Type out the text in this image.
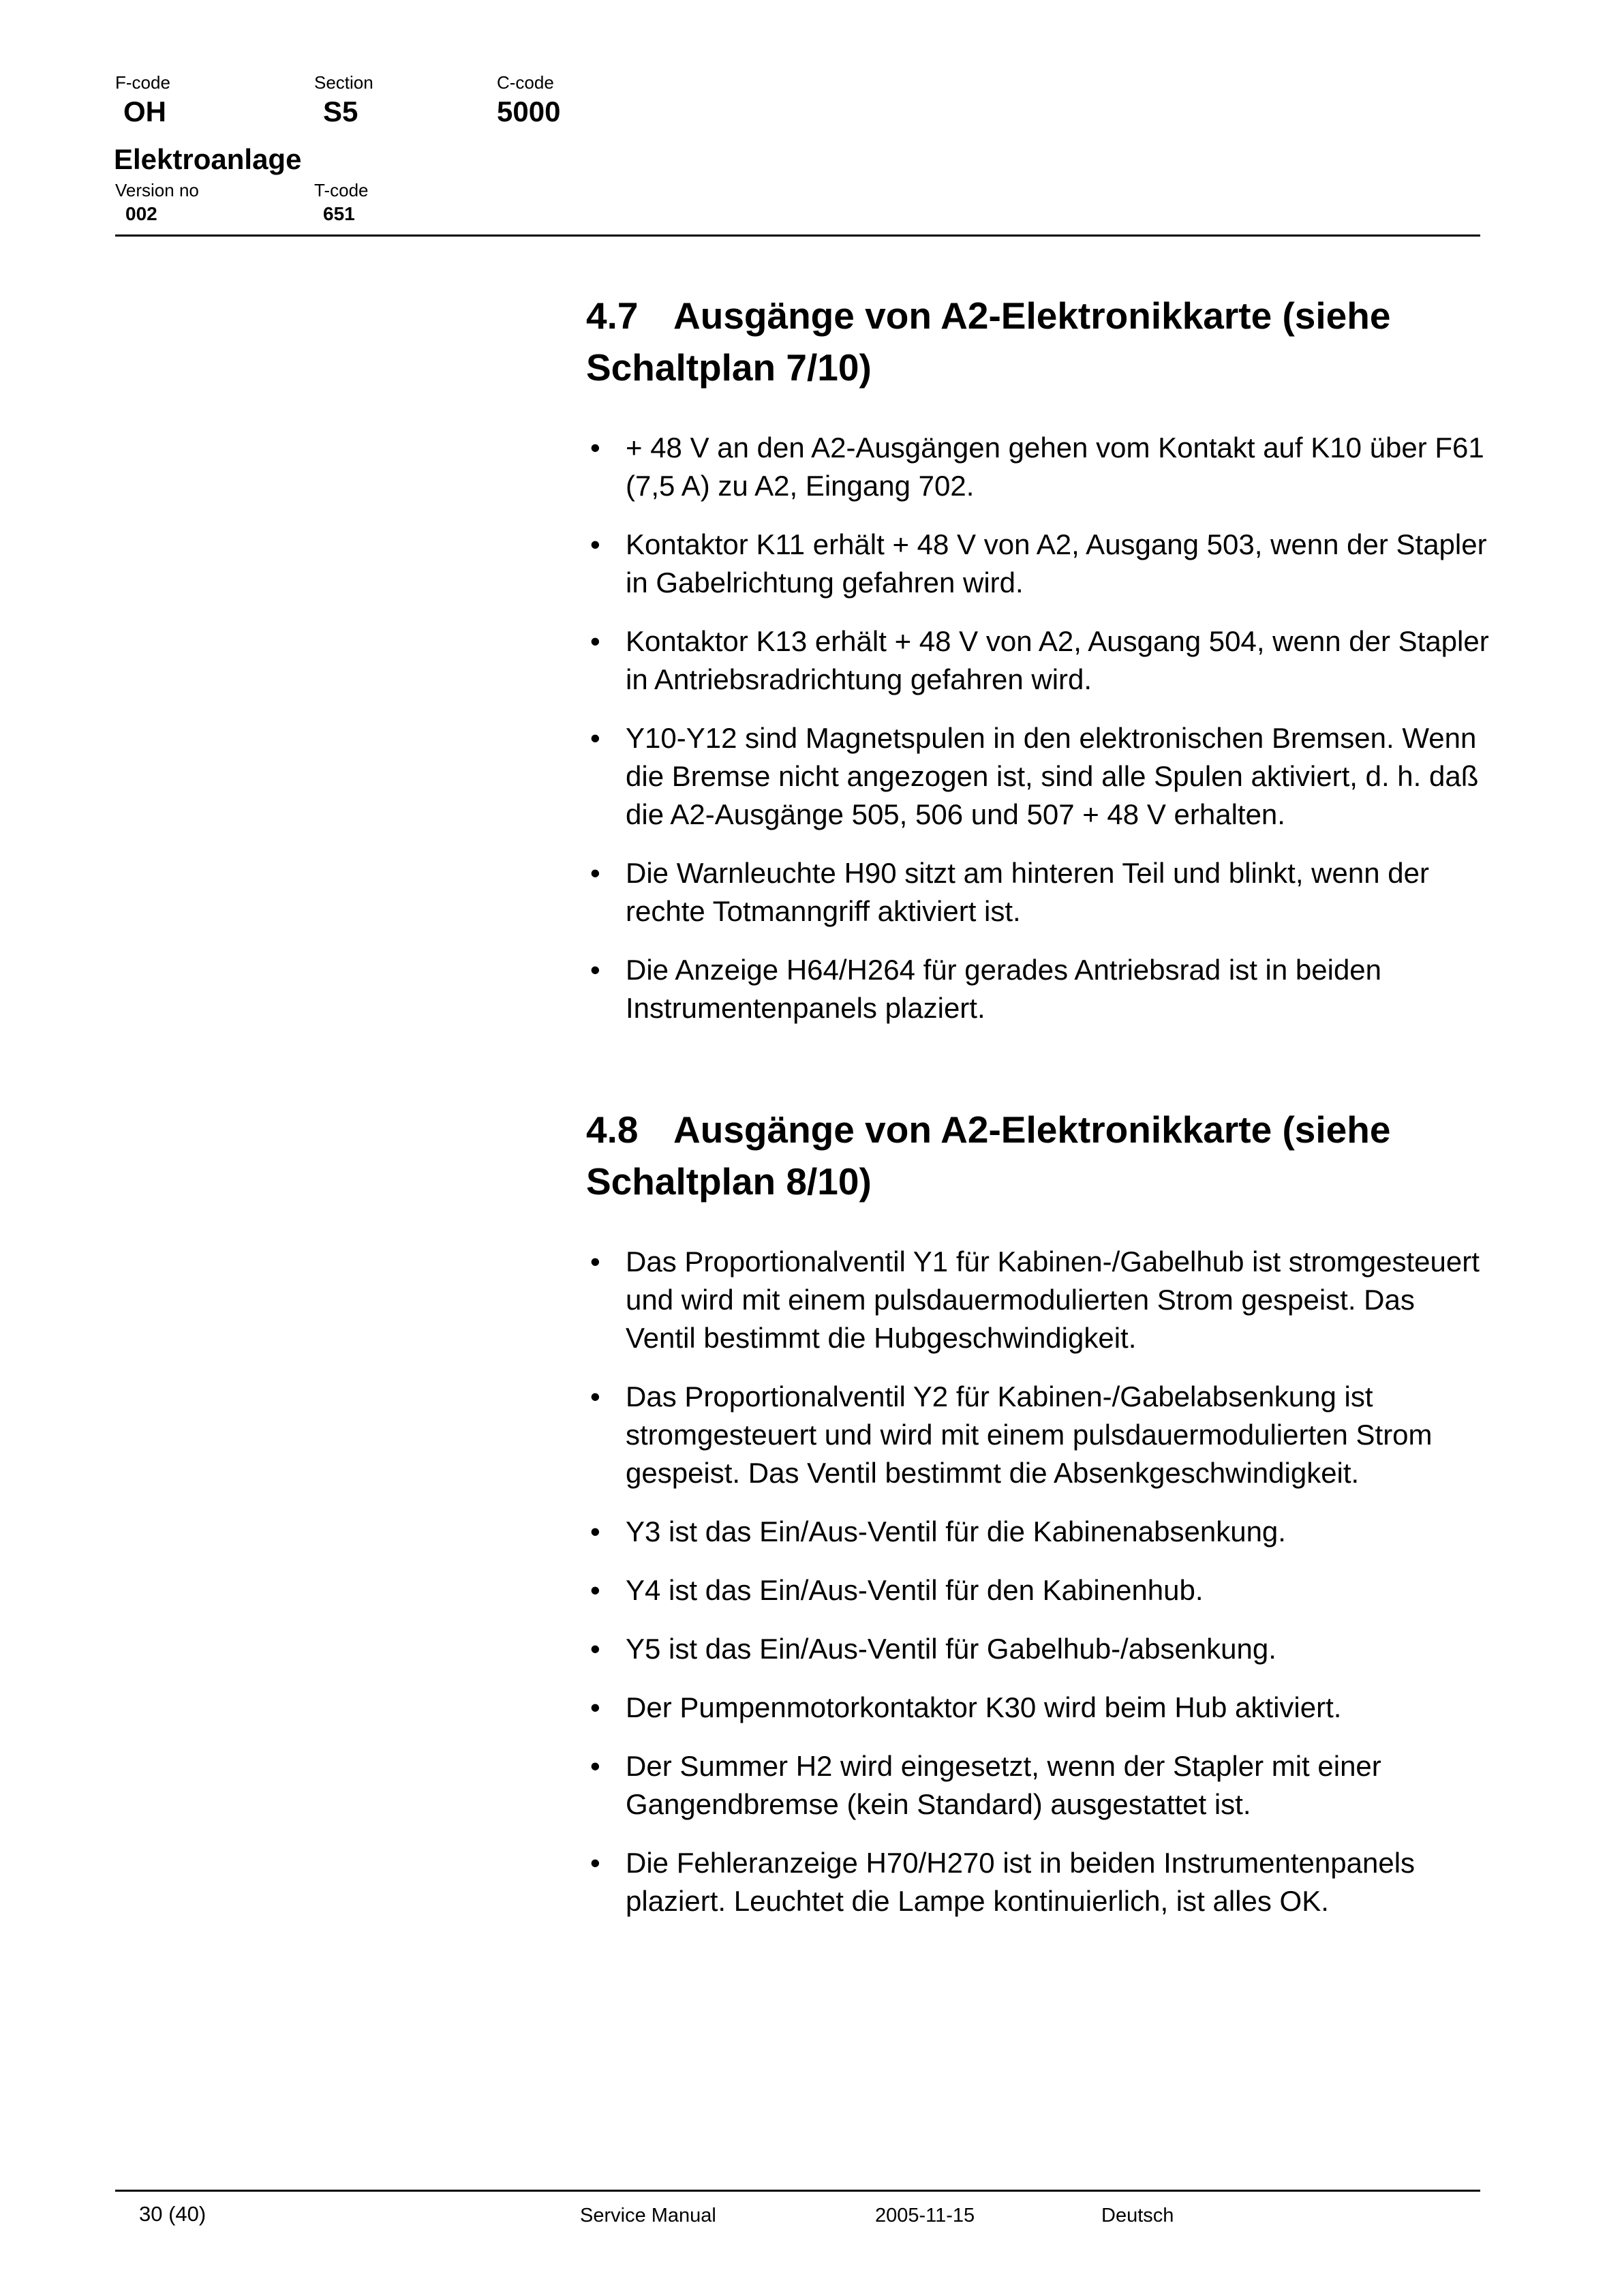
F-code
OH
Section
S5
C-code
5000
Elektroanlage
Version no
002
T-code
651
4.7 Ausgänge von A2-Elektronikkarte (siehe Schaltplan 7/10)
• + 48 V an den A2-Ausgängen gehen vom Kontakt auf K10 über F61 (7,5 A) zu A2, Eingang 702.
• Kontaktor K11 erhält + 48 V von A2, Ausgang 503, wenn der Stapler in Gabelrichtung gefahren wird.
• Kontaktor K13 erhält + 48 V von A2, Ausgang 504, wenn der Stapler in Antriebsradrichtung gefahren wird.
• Y10-Y12 sind Magnetspulen in den elektronischen Bremsen. Wenn die Bremse nicht angezogen ist, sind alle Spulen aktiviert, d. h. daß die A2-Ausgänge 505, 506 und 507 + 48 V erhalten.
• Die Warnleuchte H90 sitzt am hinteren Teil und blinkt, wenn der rechte Totmanngriff aktiviert ist.
• Die Anzeige H64/H264 für gerades Antriebsrad ist in beiden Instrumentenpanels plaziert.
4.8 Ausgänge von A2-Elektronikkarte (siehe Schaltplan 8/10)
• Das Proportionalventil Y1 für Kabinen-/Gabelhub ist stromgesteuert und wird mit einem pulsdauermodulierten Strom gespeist. Das Ventil bestimmt die Hubgeschwindigkeit.
• Das Proportionalventil Y2 für Kabinen-/Gabelabsenkung ist stromgesteuert und wird mit einem pulsdauermodulierten Strom gespeist. Das Ventil bestimmt die Absenkgeschwindigkeit.
• Y3 ist das Ein/Aus-Ventil für die Kabinenabsenkung.
• Y4 ist das Ein/Aus-Ventil für den Kabinenhub.
• Y5 ist das Ein/Aus-Ventil für Gabelhub-/absenkung.
• Der Pumpenmotorkontaktor K30 wird beim Hub aktiviert.
• Der Summer H2 wird eingesetzt, wenn der Stapler mit einer Gangendbremse (kein Standard) ausgestattet ist.
• Die Fehleranzeige H70/H270 ist in beiden Instrumentenpanels plaziert. Leuchtet die Lampe kontinuierlich, ist alles OK.
30 (40)	Service Manual	2005-11-15	Deutsch
